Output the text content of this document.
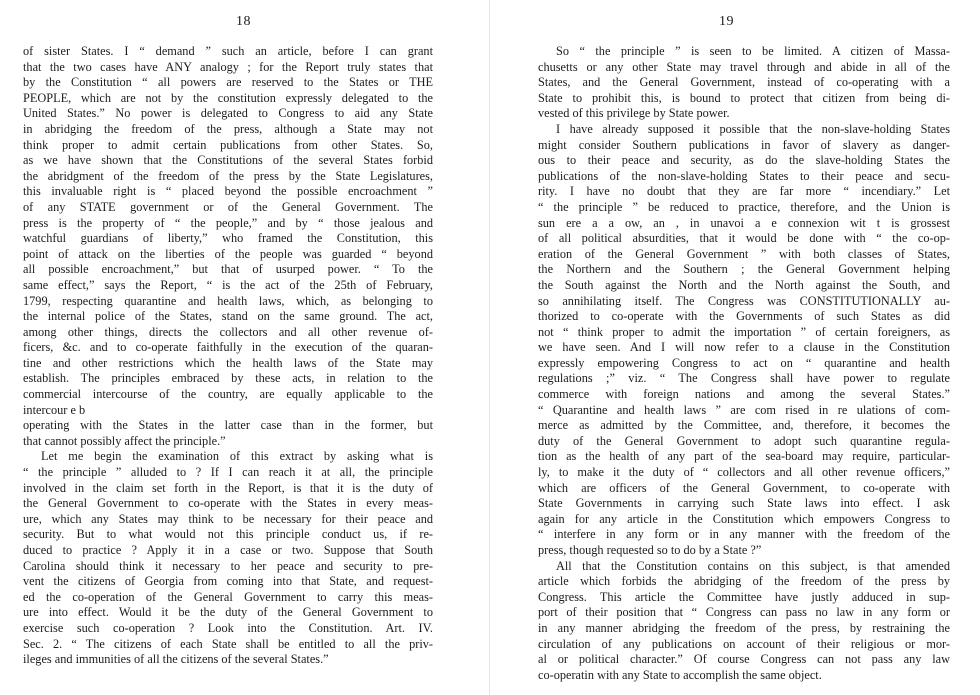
18
of sister States. I “ demand ” such an article, before I can grant
that the two cases have ANY analogy ; for the Report truly states that
by the Constitution “ all powers are reserved to the States or THE
PEOPLE, which are not by the constitution expressly delegated to the
United States.” No power is delegated to Congress to aid any State
in abridging the freedom of the press, although a State may not
think proper to admit certain publications from other States. So,
as we have shown that the Constitutions of the several States forbid
the abridgment of the freedom of the press by the State Legislatures,
this invaluable right is “ placed beyond the possible encroachment ”
of any STATE government or of the General Government. The
press is the property of “ the people,” and by “ those jealous and
watchful guardians of liberty,” who framed the Constitution, this
point of attack on the liberties of the people was guarded “ beyond
all possible encroachment,” but that of usurped power. “ To the
same effect,” says the Report, “ is the act of the 25th of February,
1799, respecting quarantine and health laws, which, as belonging to
the internal police of the States, stand on the same ground. The act,
among other things, directs the collectors and all other revenue of-
ficers, &c. and to co-operate faithfully in the execution of the quaran-
tine and other restrictions which the health laws of the State may
establish. The principles embraced by these acts, in relation to the
commercial intercourse of the country, are equally applicable to the
intercour e b
operating with the States in the latter case than in the former, but
that cannot possibly affect the principle.”
Let me begin the examination of this extract by asking what is
“ the principle ” alluded to ? If I can reach it at all, the principle
involved in the claim set forth in the Report, is that it is the duty of
the General Government to co-operate with the States in every meas-
ure, which any States may think to be necessary for their peace and
security. But to what would not this principle conduct us, if re-
duced to practice ? Apply it in a case or two. Suppose that South
Carolina should think it necessary to her peace and security to pre-
vent the citizens of Georgia from coming into that State, and request-
ed the co-operation of the General Government to carry this meas-
ure into effect. Would it be the duty of the General Government to
exercise such co-operation ? Look into the Constitution. Art. IV.
Sec. 2. “ The citizens of each State shall be entitled to all the priv-
ileges and immunities of all the citizens of the several States.”
19
So “ the principle ” is seen to be limited. A citizen of Massa-
chusetts or any other State may travel through and abide in all of the
States, and the General Government, instead of co-operating with a
State to prohibit this, is bound to protect that citizen from being di-
vested of this privilege by State power.
I have already supposed it possible that the non-slave-holding States
might consider Southern publications in favor of slavery as danger-
ous to their peace and security, as do the slave-holding States the
publications of the non-slave-holding States to their peace and secu-
rity. I have no doubt that they are far more “ incendiary.” Let
“ the principle ” be reduced to practice, therefore, and the Union is
sun ere a a ow, an , in unavoi a e connexion wit t is grossest
of all political absurdities, that it would be done with “ the co-op-
eration of the General Government ” with both classes of States,
the Northern and the Southern ; the General Government helping
the South against the North and the North against the South, and
so annihilating itself. The Congress was CONSTITUTIONALLY au-
thorized to co-operate with the Governments of such States as did
not “ think proper to admit the importation ” of certain foreigners, as
we have seen. And I will now refer to a clause in the Constitution
expressly empowering Congress to act on “ quarantine and health
regulations ;” viz. “ The Congress shall have power to regulate
commerce with foreign nations and among the several States.”
“ Quarantine and health laws ” are com rised in re ulations of com-
merce as admitted by the Committee, and, therefore, it becomes the
duty of the General Government to adopt such quarantine regula-
tion as the health of any part of the sea-board may require, particular-
ly, to make it the duty of “ collectors and all other revenue officers,”
which are officers of the General Government, to co-operate with
State Governments in carrying such State laws into effect. I ask
again for any article in the Constitution which empowers Congress to
“ interfere in any form or in any manner with the freedom of the
press, though requested so to do by a State ?”
All that the Constitution contains on this subject, is that amended
article which forbids the abridging of the freedom of the press by
Congress. This article the Committee have justly adduced in sup-
port of their position that “ Congress can pass no law in any form or
in any manner abridging the freedom of the press, by restraining the
circulation of any publications on account of their religious or mor-
al or political character.” Of course Congress can not pass any law
co-operatin with any State to accomplish the same object.
